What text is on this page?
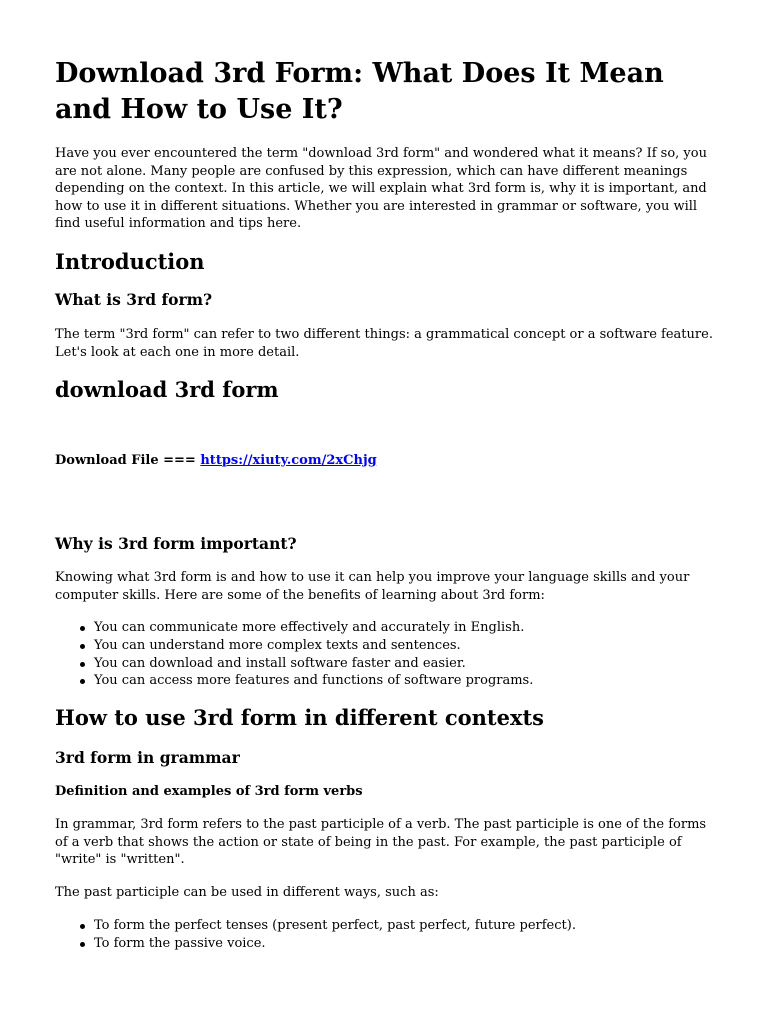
Download 3rd Form: What Does It Mean and How to Use It?

Have you ever encountered the term "download 3rd form" and wondered what it means? If so, you are not alone. Many people are confused by this expression, which can have different meanings depending on the context. In this article, we will explain what 3rd form is, why it is important, and how to use it in different situations. Whether you are interested in grammar or software, you will find useful information and tips here.

Introduction
What is 3rd form?

The term "3rd form" can refer to two different things: a grammatical concept or a software feature. Let's look at each one in more detail.

download 3rd form

Download File === https://xiuty.com/2xChjg

Why is 3rd form important?

Knowing what 3rd form is and how to use it can help you improve your language skills and your computer skills. Here are some of the benefits of learning about 3rd form:

You can communicate more effectively and accurately in English.
You can understand more complex texts and sentences.
You can download and install software faster and easier.
You can access more features and functions of software programs.
How to use 3rd form in different contexts
3rd form in grammar
Definition and examples of 3rd form verbs

In grammar, 3rd form refers to the past participle of a verb. The past participle is one of the forms of a verb that shows the action or state of being in the past. For example, the past participle of "write" is "written".

The past participle can be used in different ways, such as:

To form the perfect tenses (present perfect, past perfect, future perfect).
To form the passive voice.
